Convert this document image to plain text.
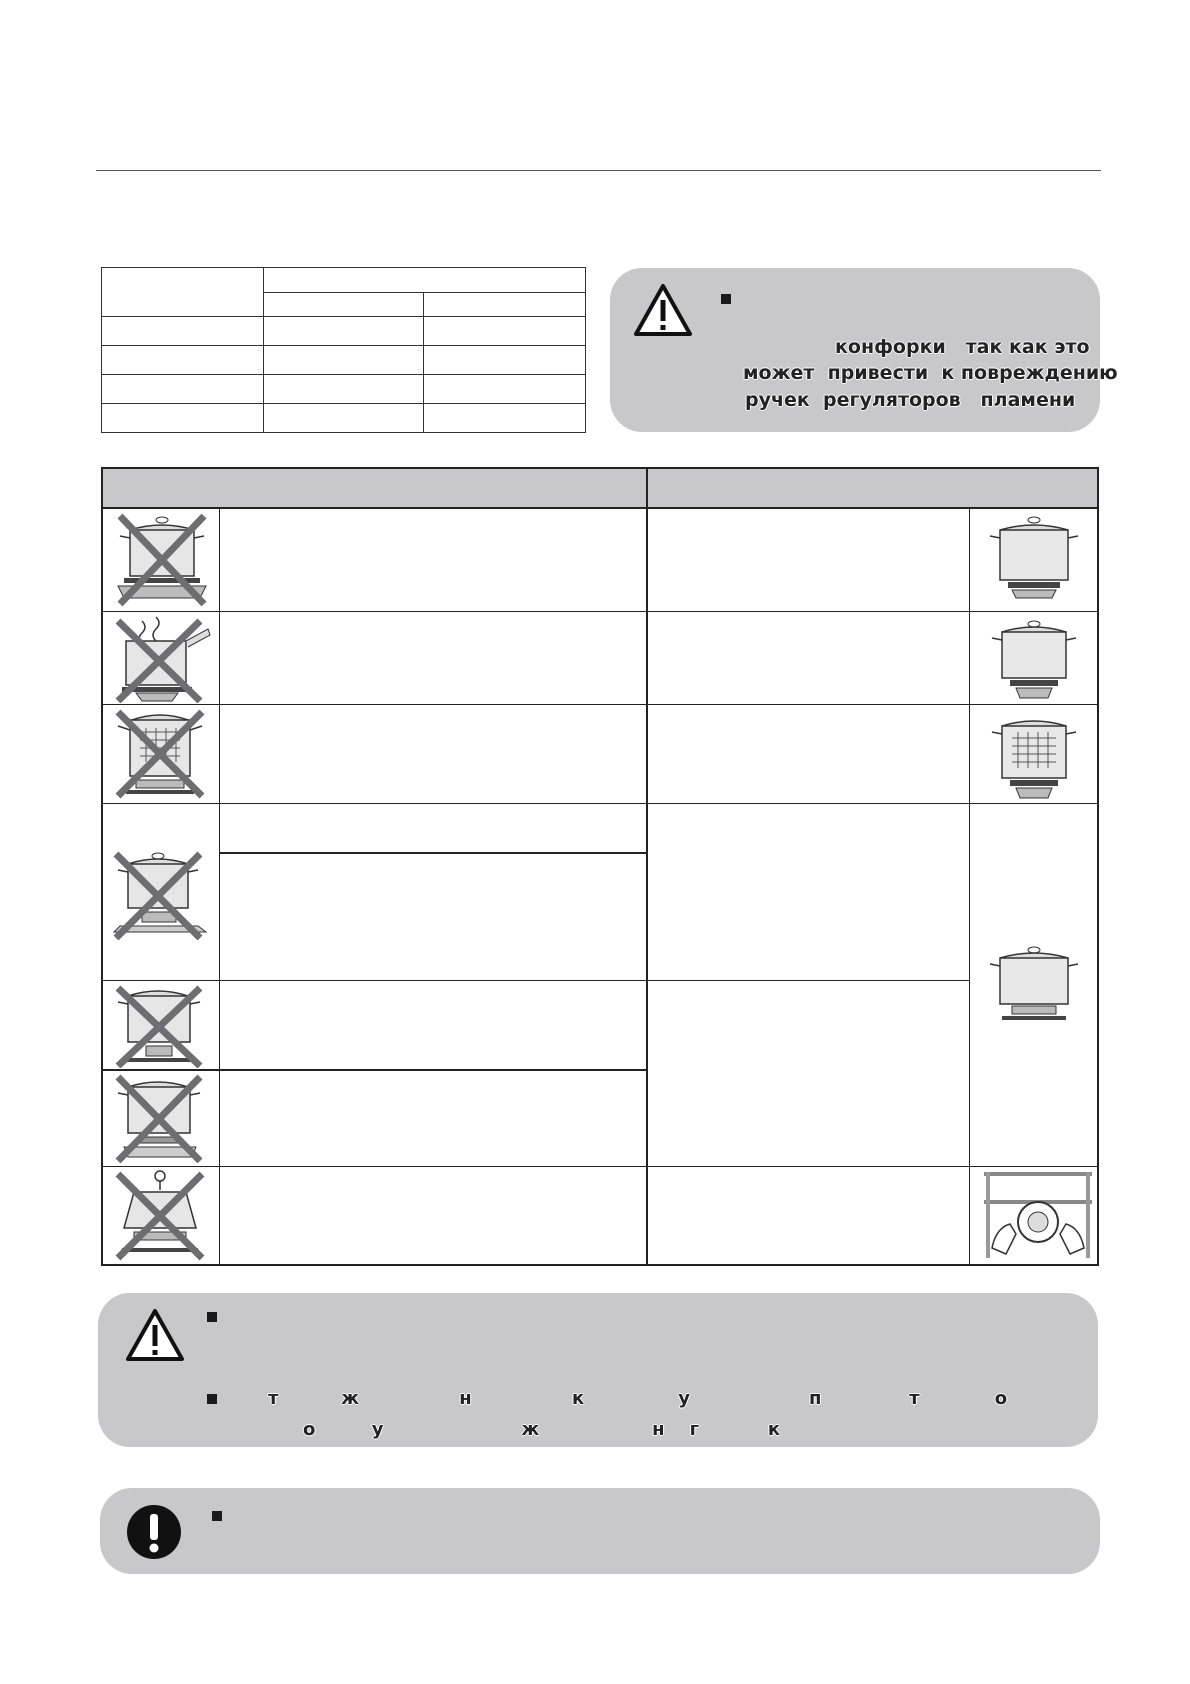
конфорки   так как это
может  привести  к повреждению
ручек  регуляторов   пламени
т          ж                н                к               у                   п              т            о
о         у                      ж                  н    г           к
